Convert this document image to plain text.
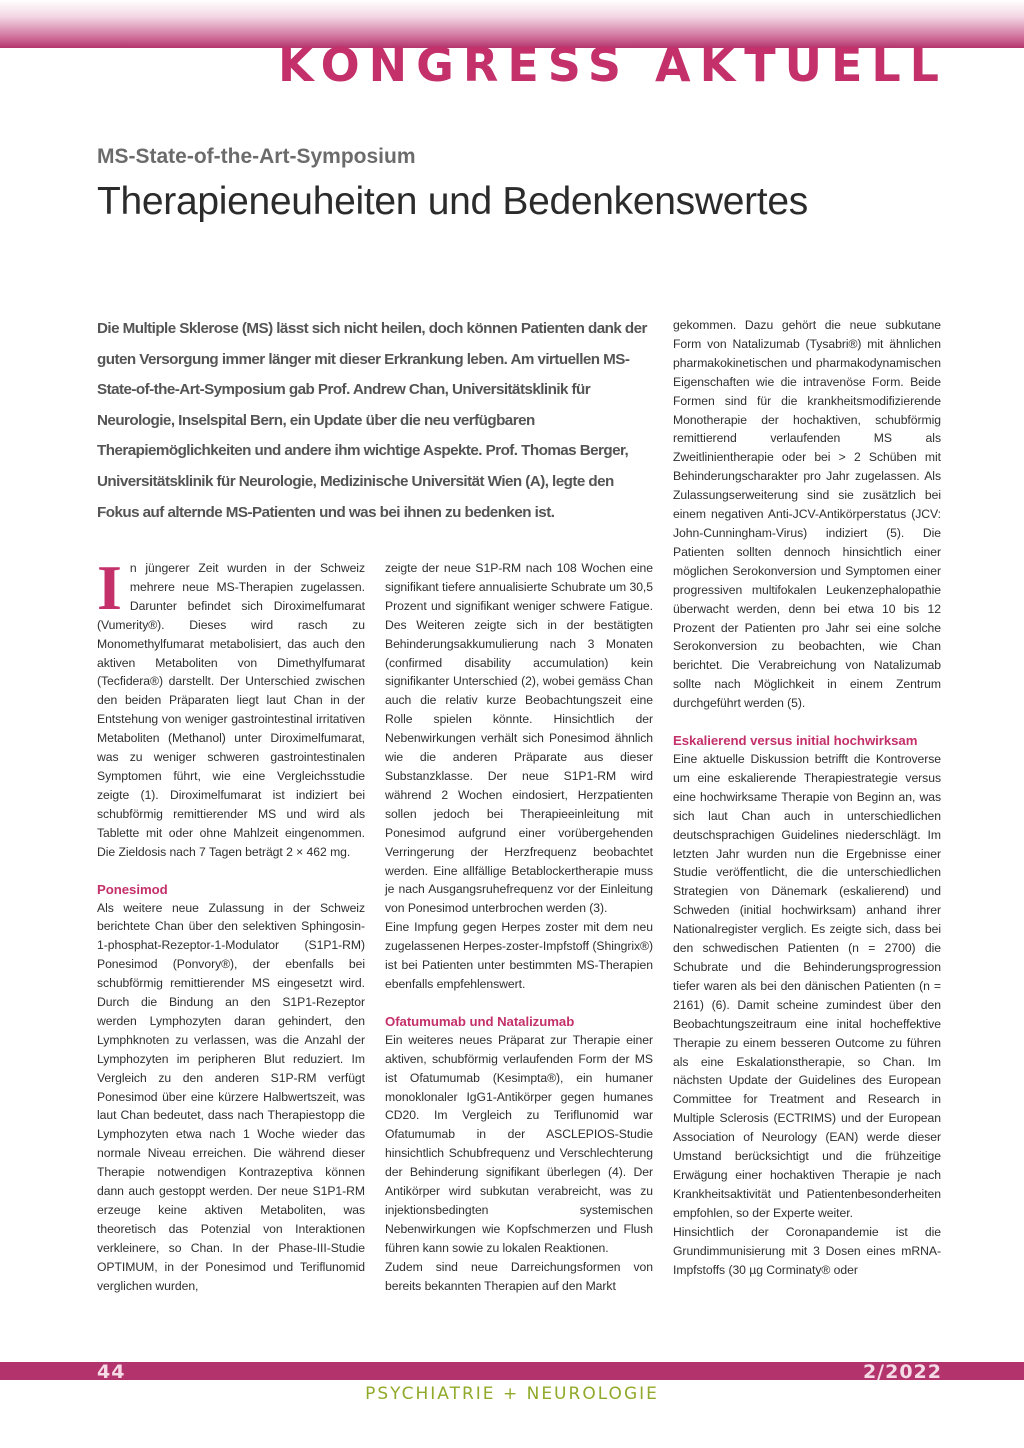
KONGRESS AKTUELL
MS-State-of-the-Art-Symposium
Therapieneuheiten und Bedenkenswertes

Die Multiple Sklerose (MS) lässt sich nicht heilen, doch können Patienten dank der guten Versorgung immer länger mit dieser Erkrankung leben. Am virtuellen MS-State-of-the-Art-Symposium gab Prof. Andrew Chan, Universitätsklinik für Neurologie, Inselspital Bern, ein Update über die neu verfügbaren Therapiemöglichkeiten und andere ihm wichtige Aspekte. Prof. Thomas Berger, Universitätsklinik für Neurologie, Medizinische Universität Wien (A), legte den Fokus auf alternde MS-Patienten und was bei ihnen zu bedenken ist.

In jüngerer Zeit wurden in der Schweiz mehrere neue MS-Therapien zugelassen. Darunter befindet sich Diroximelfumarat (Vumerity®). Dieses wird rasch zu Monomethylfumarat metabolisiert, das auch den aktiven Metaboliten von Dimethylfumarat (Tecfidera®) darstellt. Der Unterschied zwischen den beiden Präparaten liegt laut Chan in der Entstehung von weniger gastrointestinal irritativen Metaboliten (Methanol) unter Diroximelfumarat, was zu weniger schweren gastrointestinalen Symptomen führt, wie eine Vergleichsstudie zeigte (1). Diroximelfumarat ist indiziert bei schubförmig remittierender MS und wird als Tablette mit oder ohne Mahlzeit eingenommen. Die Zieldosis nach 7 Tagen beträgt 2 × 462 mg.

Ponesimod

Als weitere neue Zulassung in der Schweiz berichtete Chan über den selektiven Sphingosin-1-phosphat-Rezeptor-1-Modulator (S1P1-RM) Ponesimod (Ponvory®), der ebenfalls bei schubförmig remittierender MS eingesetzt wird. Durch die Bindung an den S1P1-Rezeptor werden Lymphozyten daran gehindert, den Lymphknoten zu verlassen, was die Anzahl der Lymphozyten im peripheren Blut reduziert. Im Vergleich zu den anderen S1P-RM verfügt Ponesimod über eine kürzere Halbwertszeit, was laut Chan bedeutet, dass nach Therapiestopp die Lymphozyten etwa nach 1 Woche wieder das normale Niveau erreichen. Die während dieser Therapie notwendigen Kontrazeptiva können dann auch gestoppt werden. Der neue S1P1-RM erzeuge keine aktiven Metaboliten, was theoretisch das Potenzial von Interaktionen verkleinere, so Chan. In der Phase-III-Studie OPTIMUM, in der Ponesimod und Teriflunomid verglichen wurden,

zeigte der neue S1P-RM nach 108 Wochen eine signifikant tiefere annualisierte Schubrate um 30,5 Prozent und signifikant weniger schwere Fatigue. Des Weiteren zeigte sich in der bestätigten Behinderungsakkumulierung nach 3 Monaten (confirmed disability accumulation) kein signifikanter Unterschied (2), wobei gemäss Chan auch die relativ kurze Beobachtungszeit eine Rolle spielen könnte. Hinsichtlich der Nebenwirkungen verhält sich Ponesimod ähnlich wie die anderen Präparate aus dieser Substanzklasse. Der neue S1P1-RM wird während 2 Wochen eindosiert, Herzpatienten sollen jedoch bei Therapieeinleitung mit Ponesimod aufgrund einer vorübergehenden Verringerung der Herzfrequenz beobachtet werden. Eine allfällige Betablockertherapie muss je nach Ausgangsruhefrequenz vor der Einleitung von Ponesimod unterbrochen werden (3).

Eine Impfung gegen Herpes zoster mit dem neu zugelassenen Herpes-zoster-Impfstoff (Shingrix®) ist bei Patienten unter bestimmten MS-Therapien ebenfalls empfehlenswert.

Ofatumumab und Natalizumab

Ein weiteres neues Präparat zur Therapie einer aktiven, schubförmig verlaufenden Form der MS ist Ofatumumab (Kesimpta®), ein humaner monoklonaler IgG1-Antikörper gegen humanes CD20. Im Vergleich zu Teriflunomid war Ofatumumab in der ASCLEPIOS-Studie hinsichtlich Schubfrequenz und Verschlechterung der Behinderung signifikant überlegen (4). Der Antikörper wird subkutan verabreicht, was zu injektionsbedingten systemischen Nebenwirkungen wie Kopfschmerzen und Flush führen kann sowie zu lokalen Reaktionen.

Zudem sind neue Darreichungsformen von bereits bekannten Therapien auf den Markt

gekommen. Dazu gehört die neue subkutane Form von Natalizumab (Tysabri®) mit ähnlichen pharmakokinetischen und pharmakodynamischen Eigenschaften wie die intravenöse Form. Beide Formen sind für die krankheitsmodifizierende Monotherapie der hochaktiven, schubförmig remittierend verlaufenden MS als Zweitlinientherapie oder bei > 2 Schüben mit Behinderungscharakter pro Jahr zugelassen. Als Zulassungserweiterung sind sie zusätzlich bei einem negativen Anti-JCV-Antikörperstatus (JCV: John-Cunningham-Virus) indiziert (5). Die Patienten sollten dennoch hinsichtlich einer möglichen Serokonversion und Symptomen einer progressiven multifokalen Leukenzephalopathie überwacht werden, denn bei etwa 10 bis 12 Prozent der Patienten pro Jahr sei eine solche Serokonversion zu beobachten, wie Chan berichtet. Die Verabreichung von Natalizumab sollte nach Möglichkeit in einem Zentrum durchgeführt werden (5).

Eskalierend versus initial hochwirksam

Eine aktuelle Diskussion betrifft die Kontroverse um eine eskalierende Therapiestrategie versus eine hochwirksame Therapie von Beginn an, was sich laut Chan auch in unterschiedlichen deutschsprachigen Guidelines niederschlägt. Im letzten Jahr wurden nun die Ergebnisse einer Studie veröffentlicht, die die unterschiedlichen Strategien von Dänemark (eskalierend) und Schweden (initial hochwirksam) anhand ihrer Nationalregister verglich. Es zeigte sich, dass bei den schwedischen Patienten (n = 2700) die Schubrate und die Behinderungsprogression tiefer waren als bei den dänischen Patienten (n = 2161) (6). Damit scheine zumindest über den Beobachtungszeitraum eine inital hocheffektive Therapie zu einem besseren Outcome zu führen als eine Eskalationstherapie, so Chan. Im nächsten Update der Guidelines des European Committee for Treatment and Research in Multiple Sclerosis (ECTRIMS) und der European Association of Neurology (EAN) werde dieser Umstand berücksichtigt und die frühzeitige Erwägung einer hochaktiven Therapie je nach Krankheitsaktivität und Patientenbesonderheiten empfohlen, so der Experte weiter.

Hinsichtlich der Coronapandemie ist die Grundimmunisierung mit 3 Dosen eines mRNA-Impfstoffs (30 µg Corminaty® oder

44	2/2022
PSYCHIATRIE + NEUROLOGIE
